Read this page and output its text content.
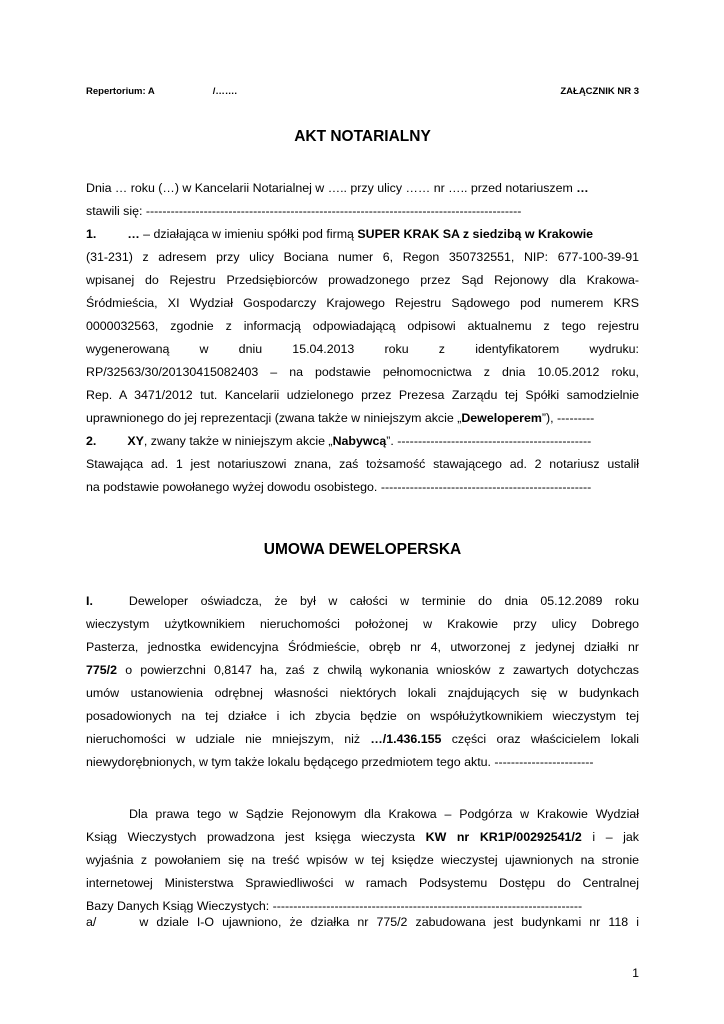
Repertorium: A	/…….	ZAŁĄCZNIK NR 3
AKT NOTARIALNY
Dnia … roku (…) w Kancelarii Notarialnej w ….. przy ulicy …… nr ….. przed notariuszem …
stawili się: -------------------------------------------------------------------------------------------
1.	… – działająca w imieniu spółki pod firmą SUPER KRAK SA z siedzibą w Krakowie
(31-231) z adresem przy ulicy Bociana numer 6, Regon 350732551, NIP: 677-100-39-91
wpisanej do Rejestru Przedsiębiorców prowadzonego przez Sąd Rejonowy dla Krakowa-
Śródmieścia, XI Wydział Gospodarczy Krajowego Rejestru Sądowego pod numerem KRS
0000032563, zgodnie z informacją odpowiadającą odpisowi aktualnemu z tego rejestru
wygenerowaną w dniu 15.04.2013 roku z identyfikatorem wydruku:
RP/32563/30/20130415082403 – na podstawie pełnomocnictwa z dnia 10.05.2012 roku,
Rep. A 3471/2012 tut. Kancelarii udzielonego przez Prezesa Zarządu tej Spółki samodzielnie
uprawnionego do jej reprezentacji (zwana także w niniejszym akcie „Deweloperem”), ---------
2.	XY, zwany także w niniejszym akcie „Nabywcą”. -----------------------------------------------
Stawająca ad. 1 jest notariuszowi znana, zaś tożsamość stawającego ad. 2 notariusz ustalił
na podstawie powołanego wyżej dowodu osobistego. ---------------------------------------------------
UMOWA DEWELOPERSKA
I.	Deweloper oświadcza, że był w całości w terminie do dnia 05.12.2089 roku
wieczystym użytkownikiem nieruchomości położonej w Krakowie przy ulicy Dobrego
Pasterza, jednostka ewidencyjna Śródmieście, obręb nr 4, utworzonej z jedynej działki nr
775/2 o powierzchni 0,8147 ha, zaś z chwilą wykonania wniosków z zawartych dotychczas
umów ustanowienia odrębnej własności niektórych lokali znajdujących się w budynkach
posadowionych na tej działce i ich zbycia będzie on współużytkownikiem wieczystym tej
nieruchomości w udziale nie mniejszym, niż …/1.436.155 części oraz właścicielem lokali
niewydorębnionych, w tym także lokalu będącego przedmiotem tego aktu. ------------------------
Dla prawa tego w Sądzie Rejonowym dla Krakowa – Podgórza w Krakowie Wydział
Ksiąg Wieczystych prowadzona jest księga wieczysta KW nr KR1P/00292541/2 i – jak
wyjaśnia z powołaniem się na treść wpisów w tej księdze wieczystej ujawnionych na stronie
internetowej Ministerstwa Sprawiedliwości w ramach Podsystemu Dostępu do Centralnej
Bazy Danych Ksiąg Wieczystych: ---------------------------------------------------------------------------
a/	w dziale I-O ujawniono, że działka nr 775/2 zabudowana jest budynkami nr 118 i
1
